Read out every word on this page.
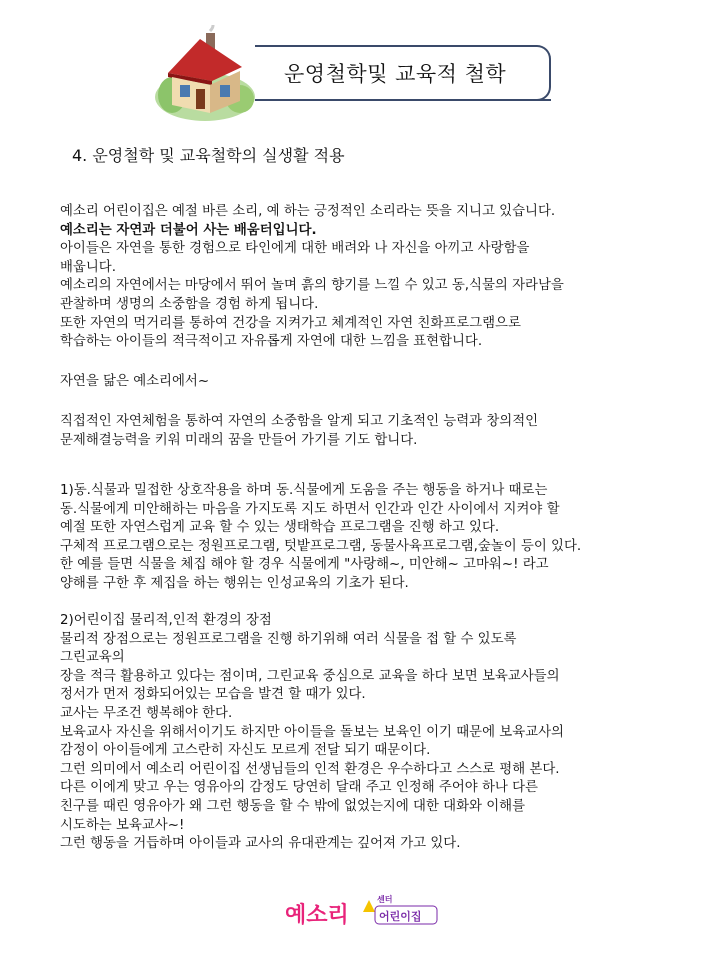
운영철학및 교육적 철학
4. 운영철학 및 교육철학의 실생활 적용

예소리 어린이집은 예절 바른 소리, 예 하는 긍정적인 소리라는 뜻을 지니고 있습니다.

예소리는 자연과 더불어 사는 배움터입니다.

아이들은 자연을 통한 경험으로 타인에게 대한 배려와 나 자신을 아끼고 사랑함을

배웁니다.

예소리의 자연에서는 마당에서 뛰어 놀며 흙의 향기를 느낄 수 있고 동,식물의 자라남을

관찰하며 생명의 소중함을 경험 하게 됩니다.

또한 자연의 먹거리를 통하여 건강을 지켜가고 체계적인 자연 친화프로그램으로

학습하는 아이들의 적극적이고 자유롭게 자연에 대한 느낌을 표현합니다.

자연을 닮은 예소리에서~

직접적인 자연체험을 통하여 자연의 소중함을 알게 되고 기초적인 능력과 창의적인

문제해결능력을 키워 미래의 꿈을 만들어 가기를 기도 합니다.

1)동.식물과 밀접한 상호작용을 하며 동.식물에게 도움을 주는 행동을 하거나 때로는

동.식물에게 미안해하는 마음을 가지도록 지도 하면서 인간과 인간 사이에서 지켜야 할

예절 또한 자연스럽게 교육 할 수 있는 생태학습 프로그램을 진행 하고 있다.

구체적 프로그램으로는 정원프로그램, 텃밭프로그램, 동물사육프로그램,숲놀이 등이 있다.

한 예를 들면 식물을 체집 해야 할 경우 식물에게 "사랑해~, 미안해~ 고마워~! 라고

양해를 구한 후 제집을 하는 행위는 인성교육의 기초가 된다.

2)어린이집 물리적,인적 환경의 장점

물리적 장점으로는 정원프로그램을 진행 하기위해 여러 식물을 접 할 수 있도록

그린교육의

장을 적극 활용하고 있다는 점이며, 그린교육 중심으로 교육을 하다 보면 보육교사들의

정서가 먼저 정화되어있는 모습을 발견 할 때가 있다.

교사는 무조건 행복해야 한다.

보육교사 자신을 위해서이기도 하지만 아이들을 돌보는 보육인 이기 때문에 보육교사의

감정이 아이들에게 고스란히 자신도 모르게 전달 되기 때문이다.

그런 의미에서 예소리 어린이집 선생님들의 인적 환경은 우수하다고 스스로 평해 본다.

다른 이에게 맞고 우는 영유아의 감정도 당연히 달래 주고 인정해 주어야 하나 다른

친구를 때린 영유아가 왜 그런 행동을 할 수 밖에 없었는지에 대한 대화와 이해를

시도하는 보육교사~!

그런 행동을 거듭하며 아이들과 교사의 유대관계는 깊어져 가고 있다.

예소리
센터
어린이집
